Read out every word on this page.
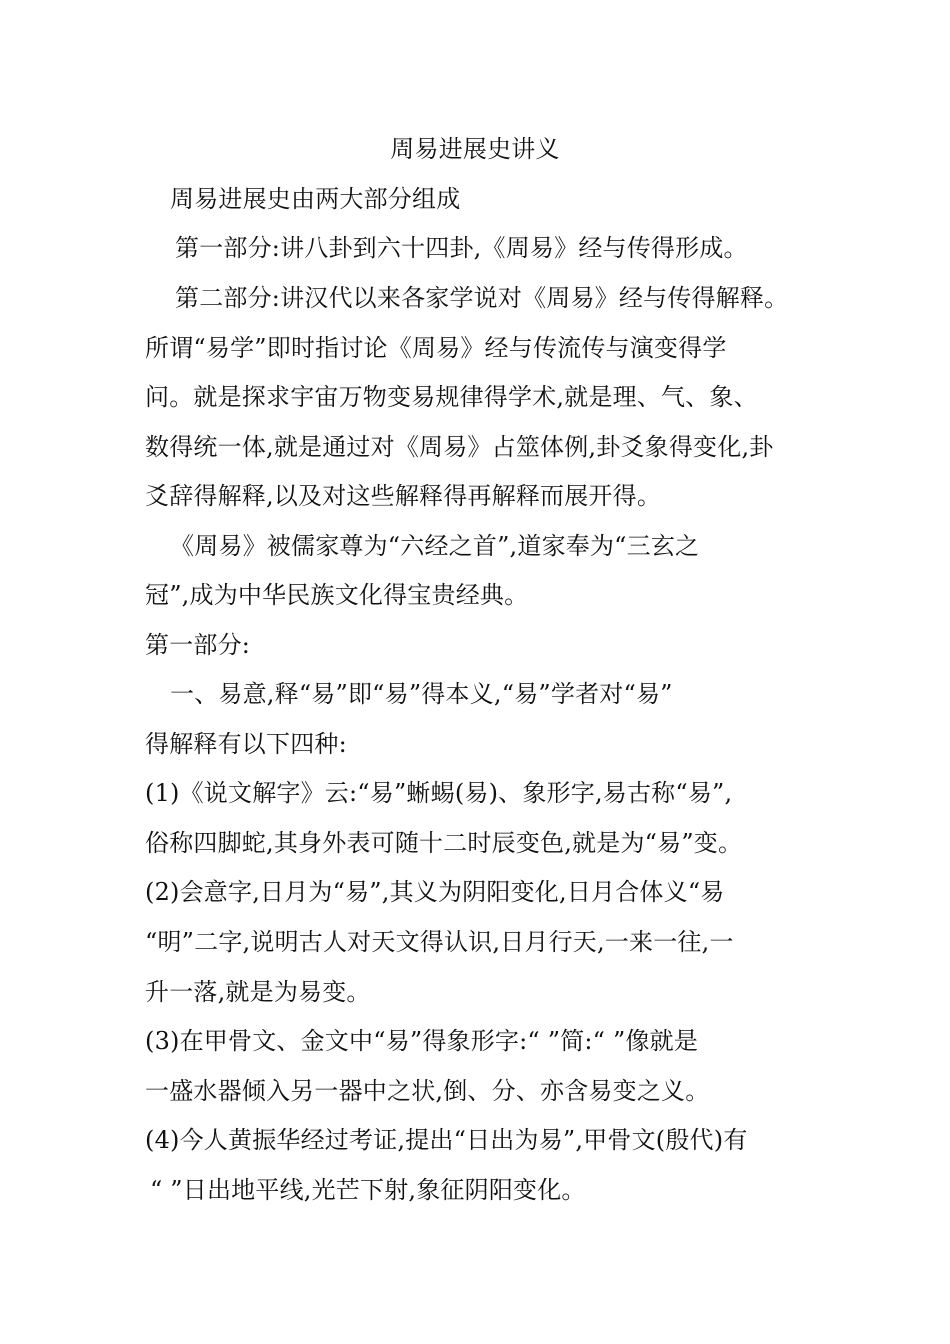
周易进展史讲义
周易进展史由两大部分组成
第一部分:讲八卦到六十四卦,《周易》经与传得形成。
第二部分:讲汉代以来各家学说对《周易》经与传得解释。
所谓“易学”即时指讨论《周易》经与传流传与演变得学
问。就是探求宇宙万物变易规律得学术,就是理、气、象、
数得统一体,就是通过对《周易》占筮体例,卦爻象得变化,卦
爻辞得解释,以及对这些解释得再解释而展开得。
《周易》被儒家尊为“六经之首”,道家奉为“三玄之
冠”,成为中华民族文化得宝贵经典。
第一部分:
一、易意,释“易”即“易”得本义,“易”学者对“易”
得解释有以下四种:
(1)《说文解字》云:“易”蜥蜴(易)、象形字,易古称“易”,
俗称四脚蛇,其身外表可随十二时辰变色,就是为“易”变。
(2)会意字,日月为“易”,其义为阴阳变化,日月合体义“易
“明”二字,说明古人对天文得认识,日月行天,一来一往,一
升一落,就是为易变。
(3)在甲骨文、金文中“易”得象形字:“ ”简:“ ”像就是
一盛水器倾入另一器中之状,倒、分、亦含易变之义。
(4)今人黄振华经过考证,提出“日出为易”,甲骨文(殷代)有
“ ”日出地平线,光芒下射,象征阴阳变化。
